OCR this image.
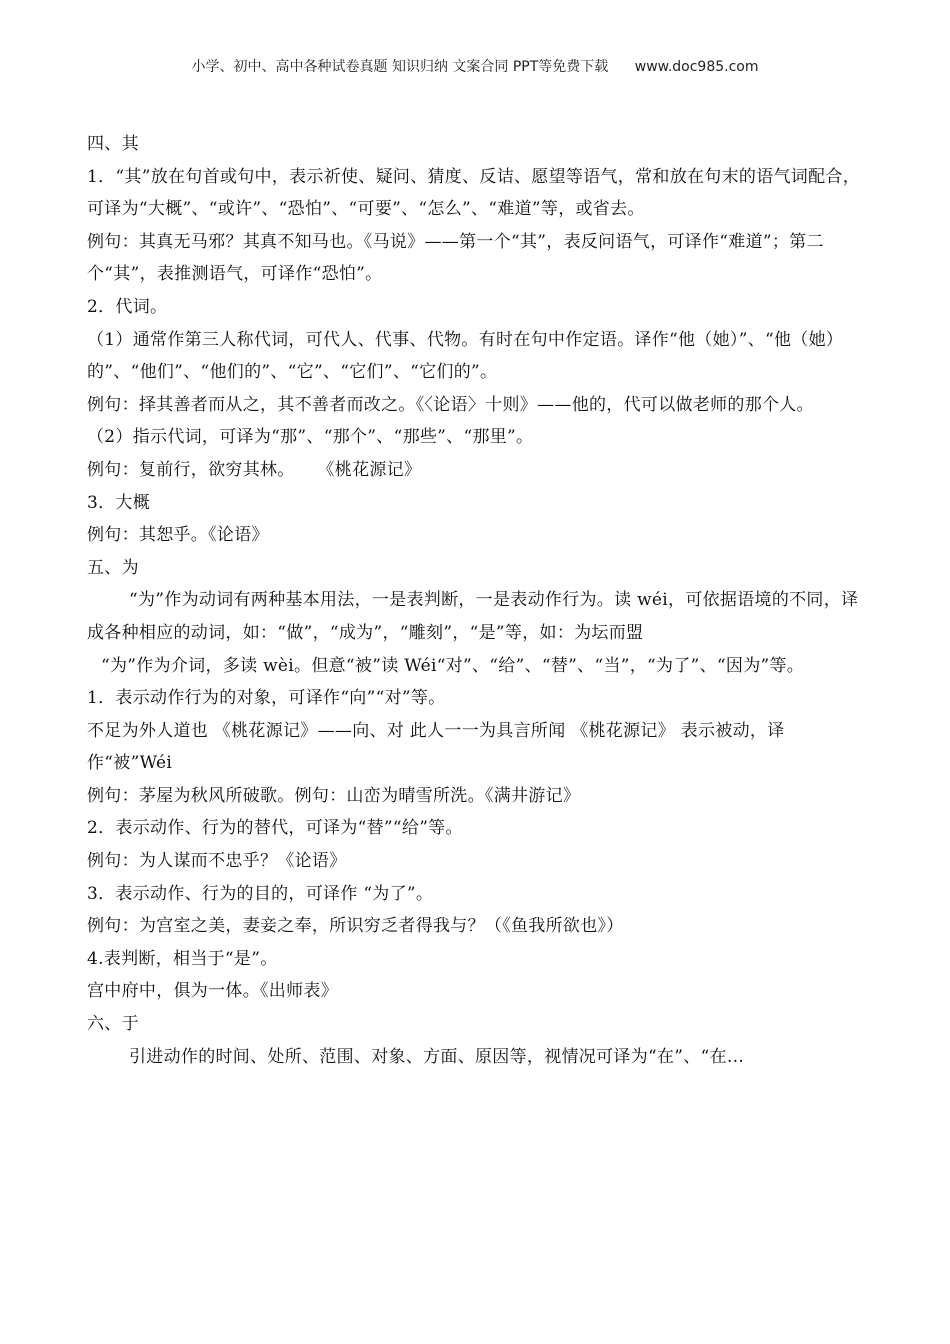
小学、初中、高中各种试卷真题 知识归纳 文案合同 PPT等免费下载 www.doc985.com

四、其

1．“其”放在句首或句中，表示祈使、疑问、猜度、反诘、愿望等语气，常和放在句末的语气词配合，可译为“大概”、“或许”、“恐怕”、“可要”、“怎么”、“难道”等，或省去。

例句：其真无马邪？其真不知马也。《马说》——第一个“其”，表反问语气，可译作“难道”；第二个“其”，表推测语气，可译作“恐怕”。

2．代词。

（1）通常作第三人称代词，可代人、代事、代物。有时在句中作定语。译作“他（她）”、“他（她）的”、“他们”、“他们的”、“它”、“它们”、“它们的”。

例句：择其善者而从之，其不善者而改之。《〈论语〉十则》——他的，代可以做老师的那个人。

（2）指示代词，可译为“那”、“那个”、“那些”、“那里”。

例句：复前行，欲穷其林。    《桃花源记》

3．大概

例句：其恕乎。《论语》

五、为

“为”作为动词有两种基本用法，一是表判断，一是表动作行为。读 wéi，可依据语境的不同，译成各种相应的动词，如：“做”，“成为”，“雕刻”，“是”等，如：为坛而盟

“为”作为介词，多读 wèi。但意“被”读 Wéi“对”、“给”、“替”、“当”，“为了”、“因为”等。

1．表示动作行为的对象，可译作“向”“对”等。

不足为外人道也 《桃花源记》——向、对 此人一一为具言所闻 《桃花源记》 表示被动，译作“被”Wéi

例句：茅屋为秋风所破歌。例句：山峦为晴雪所洗。《满井游记》

2．表示动作、行为的替代，可译为“替”“给”等。

例句：为人谋而不忠乎？《论语》

3．表示动作、行为的目的，可译作 “为了”。

例句：为宫室之美，妻妾之奉，所识穷乏者得我与？（《鱼我所欲也》）

4.表判断，相当于“是”。

宫中府中，俱为一体。《出师表》

六、于

引进动作的时间、处所、范围、对象、方面、原因等，视情况可译为“在”、“在…
